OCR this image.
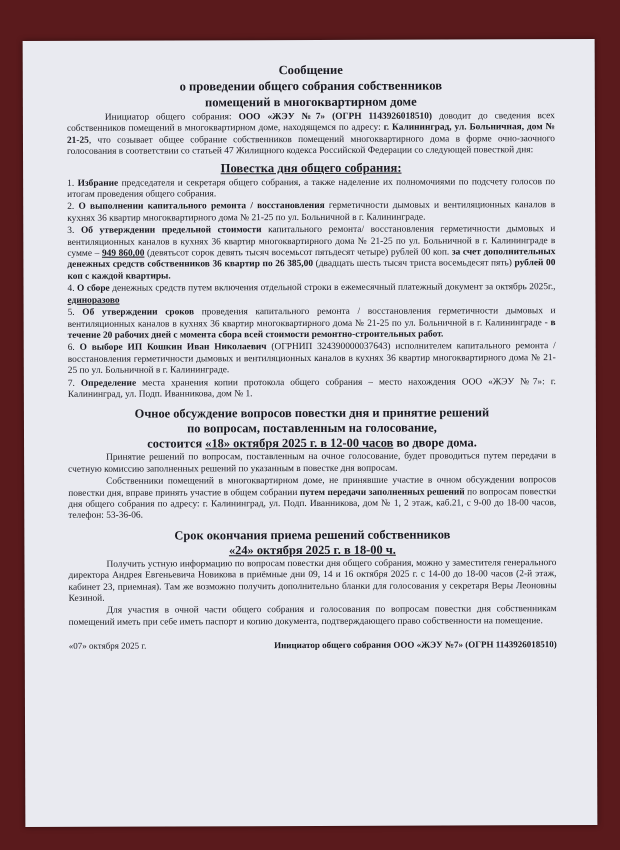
Сообщение
о проведении общего собрания собственников
помещений в многоквартирном доме
Инициатор общего собрания: ООО «ЖЭУ №7» (ОГРН 1143926018510) доводит до сведения всех собственников помещений в многоквартирном доме, находящемся по адресу: г. Калининград, ул. Больничная, дом № 21-25, что созывает общее собрание собственников помещений многоквартирного дома в форме очно-заочного голосования в соответствии со статьей 47 Жилищного кодекса Российской Федерации со следующей повесткой дня:
Повестка дня общего собрания:
1. Избрание председателя и секретаря общего собрания, а также наделение их полномочиями по подсчету голосов по итогам проведения общего собрания.
2. О выполнении капитального ремонта / восстановления герметичности дымовых и вентиляционных каналов в кухнях 36 квартир многоквартирного дома № 21-25 по ул. Больничной в г. Калининграде.
3. Об утверждении предельной стоимости капитального ремонта/ восстановления герметичности дымовых и вентиляционных каналов в кухнях 36 квартир многоквартирного дома № 21-25 по ул. Больничной в г. Калининграде в сумме – 949 860,00 (девятьсот сорок девять тысяч восемьсот пятьдесят четыре) рублей 00 коп. за счет дополнительных денежных средств собственников 36 квартир по 26 385,00 (двадцать шесть тысяч триста восемьдесят пять) рублей 00 коп с каждой квартиры.
4. О сборе денежных средств путем включения отдельной строки в ежемесячный платежный документ за октябрь 2025г., единоразово
5. Об утверждении сроков проведения капитального ремонта / восстановления герметичности дымовых и вентиляционных каналов в кухнях 36 квартир многоквартирного дома № 21-25 по ул. Больничной в г. Калининграде - в течение 20 рабочих дней с момента сбора всей стоимости ремонтно-строительных работ.
6. О выборе ИП Кошкин Иван Николаевич (ОГРНИП 324390000037643) исполнителем капитального ремонта / восстановления герметичности дымовых и вентиляционных каналов в кухнях 36 квартир многоквартирного дома № 21-25 по ул. Больничной в г. Калининграде.
7. Определение места хранения копии протокола общего собрания – место нахождения ООО «ЖЭУ №7»: г. Калининград, ул. Подп. Иванникова, дом № 1.
Очное обсуждение вопросов повестки дня и принятие решений
по вопросам, поставленным на голосование,
состоится «18» октября 2025 г. в 12-00 часов во дворе дома.
Принятие решений по вопросам, поставленным на очное голосование, будет проводиться путем передачи в счетную комиссию заполненных решений по указанным в повестке дня вопросам.
Собственники помещений в многоквартирном доме, не принявшие участие в очном обсуждении вопросов повестки дня, вправе принять участие в общем собрании путем передачи заполненных решений по вопросам повестки дня общего собрания по адресу: г. Калининград, ул. Подп. Иванникова, дом № 1, 2 этаж, каб.21, с 9-00 до 18-00 часов, телефон: 53-36-06.
Срок окончания приема решений собственников
«24» октября 2025 г. в 18-00 ч.
Получить устную информацию по вопросам повестки дня общего собрания, можно у заместителя генерального директора Андрея Евгеньевича Новикова в приёмные дни 09, 14 и 16 октября 2025 г. с 14-00 до 18-00 часов (2-й этаж, кабинет 23, приемная). Там же возможно получить дополнительно бланки для голосования у секретаря Веры Леоновны Кезиной.
Для участия в очной части общего собрания и голосования по вопросам повестки дня собственникам помещений иметь при себе иметь паспорт и копию документа, подтверждающего право собственности на помещение.
«07» октября 2025 г.	Инициатор общего собрания ООО «ЖЭУ №7» (ОГРН 1143926018510)
